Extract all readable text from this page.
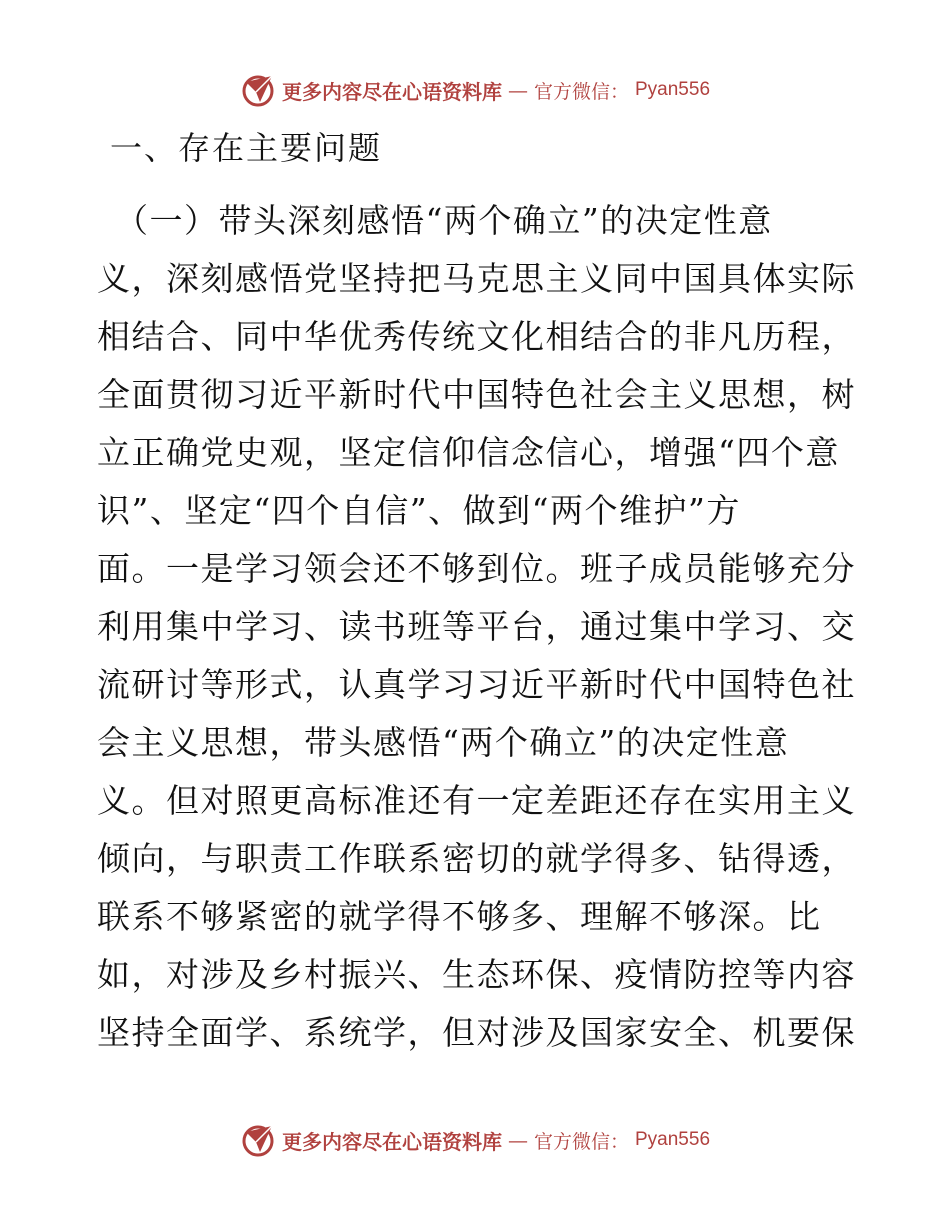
更多内容尽在心语资料库 — 官方微信： Pyan556
一、存在主要问题
（一）带头深刻感悟“两个确立”的决定性意
义，深刻感悟党坚持把马克思主义同中国具体实际
相结合、同中华优秀传统文化相结合的非凡历程，
全面贯彻习近平新时代中国特色社会主义思想，树
立正确党史观，坚定信仰信念信心，增强“四个意
识”、坚定“四个自信”、做到“两个维护”方
面。一是学习领会还不够到位。班子成员能够充分
利用集中学习、读书班等平台，通过集中学习、交
流研讨等形式，认真学习习近平新时代中国特色社
会主义思想，带头感悟“两个确立”的决定性意
义。但对照更高标准还有一定差距还存在实用主义
倾向，与职责工作联系密切的就学得多、钻得透，
联系不够紧密的就学得不够多、理解不够深。比
如，对涉及乡村振兴、生态环保、疫情防控等内容
坚持全面学、系统学，但对涉及国家安全、机要保
更多内容尽在心语资料库 — 官方微信： Pyan556
